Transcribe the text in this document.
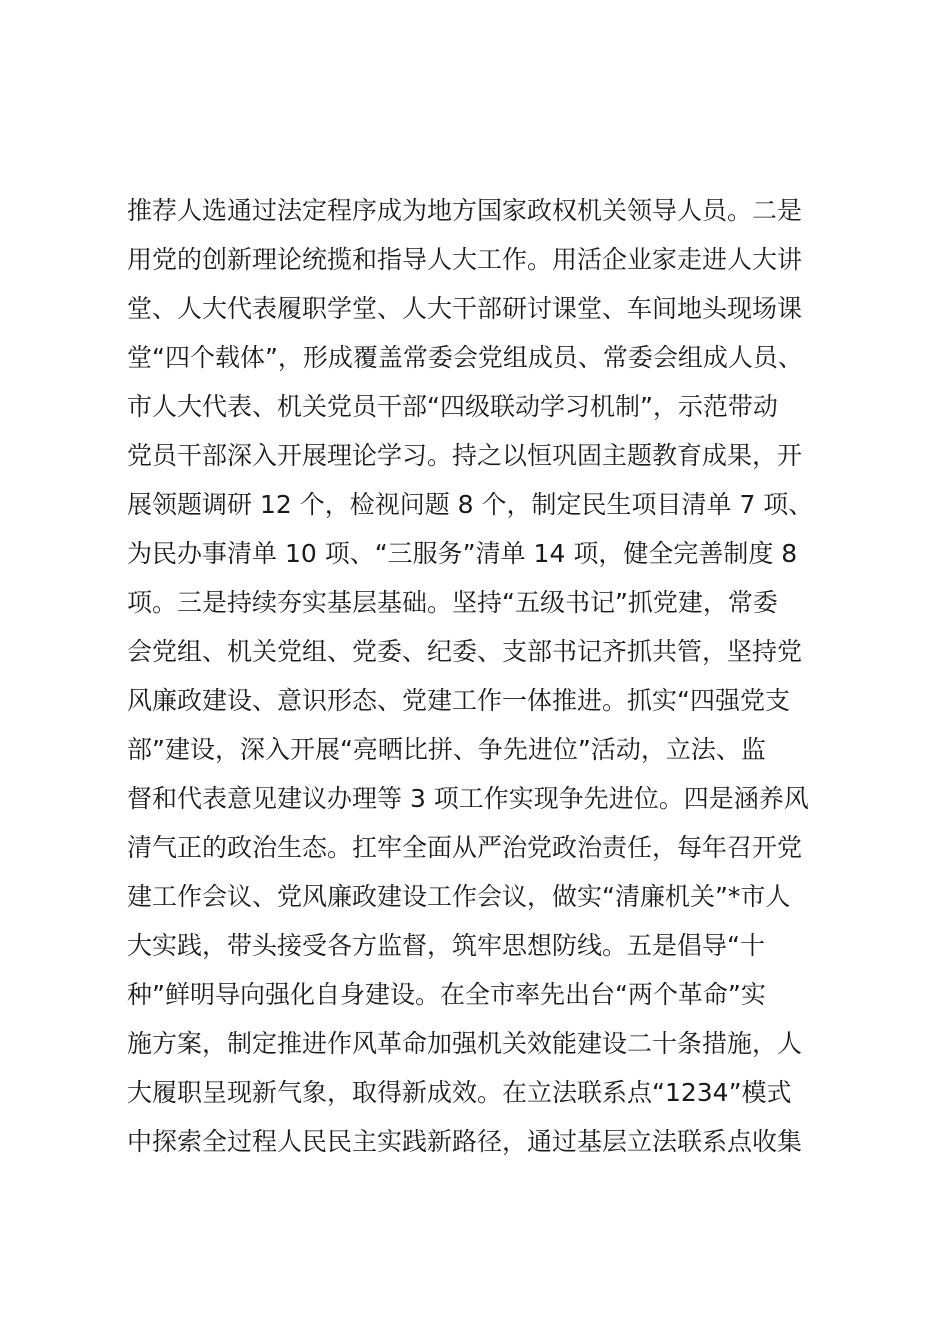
推荐人选通过法定程序成为地方国家政权机关领导人员。二是
用党的创新理论统揽和指导人大工作。用活企业家走进人大讲
堂、人大代表履职学堂、人大干部研讨课堂、车间地头现场课
堂“四个载体”，形成覆盖常委会党组成员、常委会组成人员、
市人大代表、机关党员干部“四级联动学习机制”，示范带动
党员干部深入开展理论学习。持之以恒巩固主题教育成果，开
展领题调研 12 个，检视问题 8 个，制定民生项目清单 7 项、
为民办事清单 10 项、“三服务”清单 14 项，健全完善制度 8
项。三是持续夯实基层基础。坚持“五级书记”抓党建，常委
会党组、机关党组、党委、纪委、支部书记齐抓共管，坚持党
风廉政建设、意识形态、党建工作一体推进。抓实“四强党支
部”建设，深入开展“亮晒比拼、争先进位”活动，立法、监
督和代表意见建议办理等 3 项工作实现争先进位。四是涵养风
清气正的政治生态。扛牢全面从严治党政治责任，每年召开党
建工作会议、党风廉政建设工作会议，做实“清廉机关”*市人
大实践，带头接受各方监督，筑牢思想防线。五是倡导“十
种”鲜明导向强化自身建设。在全市率先出台“两个革命”实
施方案，制定推进作风革命加强机关效能建设二十条措施，人
大履职呈现新气象，取得新成效。在立法联系点“1234”模式
中探索全过程人民民主实践新路径，通过基层立法联系点收集
